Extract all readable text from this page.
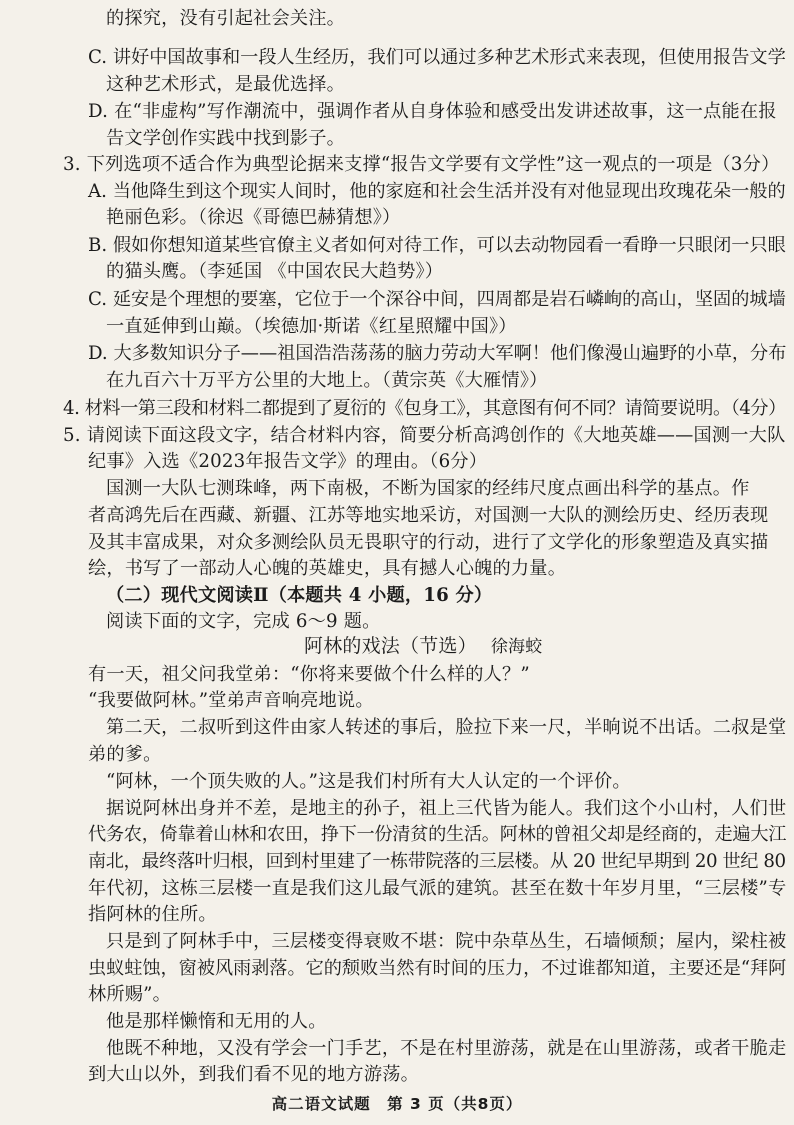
的探究，没有引起社会关注。
C. 讲好中国故事和一段人生经历，我们可以通过多种艺术形式来表现，但使用报告文学
这种艺术形式，是最优选择。
D. 在“非虚构”写作潮流中，强调作者从自身体验和感受出发讲述故事，这一点能在报
告文学创作实践中找到影子。
3. 下列选项不适合作为典型论据来支撑“报告文学要有文学性”这一观点的一项是（3分）
A. 当他降生到这个现实人间时，他的家庭和社会生活并没有对他显现出玫瑰花朵一般的
艳丽色彩。（徐迟《哥德巴赫猜想》）
B. 假如你想知道某些官僚主义者如何对待工作，可以去动物园看一看睁一只眼闭一只眼
的猫头鹰。（李延国 《中国农民大趋势》）
C. 延安是个理想的要塞，它位于一个深谷中间，四周都是岩石嶙峋的高山，坚固的城墙
一直延伸到山巅。（埃德加·斯诺《红星照耀中国》）
D. 大多数知识分子——祖国浩浩荡荡的脑力劳动大军啊！他们像漫山遍野的小草，分布
在九百六十万平方公里的大地上。（黄宗英《大雁情》）
4. 材料一第三段和材料二都提到了夏衍的《包身工》，其意图有何不同？请简要说明。（4分）
5. 请阅读下面这段文字，结合材料内容，简要分析高鸿创作的《大地英雄——国测一大队
纪事》入选《2023年报告文学》的理由。（6分）
国测一大队七测珠峰，两下南极，不断为国家的经纬尺度点画出科学的基点。作
者高鸿先后在西藏、新疆、江苏等地实地采访，对国测一大队的测绘历史、经历表现
及其丰富成果，对众多测绘队员无畏职守的行动，进行了文学化的形象塑造及真实描
绘，书写了一部动人心魄的英雄史，具有撼人心魄的力量。
（二）现代文阅读Ⅱ（本题共 4 小题，16 分）
阅读下面的文字，完成 6～9 题。
“我要做阿林。”堂弟声音响亮地说。
有一天，祖父问我堂弟：“你将来要做个什么样的人？”
第二天，二叔听到这件由家人转述的事后，脸拉下来一尺，半晌说不出话。二叔是堂
弟的爹。
“阿林，一个顶失败的人。”这是我们村所有大人认定的一个评价。
据说阿林出身并不差，是地主的孙子，祖上三代皆为能人。我们这个小山村，人们世
代务农，倚靠着山林和农田，挣下一份清贫的生活。阿林的曾祖父却是经商的，走遍大江
南北，最终落叶归根，回到村里建了一栋带院落的三层楼。从 20 世纪早期到 20 世纪 80
年代初，这栋三层楼一直是我们这儿最气派的建筑。甚至在数十年岁月里，“三层楼”专
指阿林的住所。
只是到了阿林手中，三层楼变得衰败不堪：院中杂草丛生，石墙倾颓；屋内，梁柱被
虫蚁蛀蚀，窗被风雨剥落。它的颓败当然有时间的压力，不过谁都知道，主要还是“拜阿
林所赐”。
他是那样懒惰和无用的人。
他既不种地，又没有学会一门手艺，不是在村里游荡，就是在山里游荡，或者干脆走
到大山以外，到我们看不见的地方游荡。
阿林的戏法（节选） 徐海蛟
高二语文试题　第 3 页（共8页）
